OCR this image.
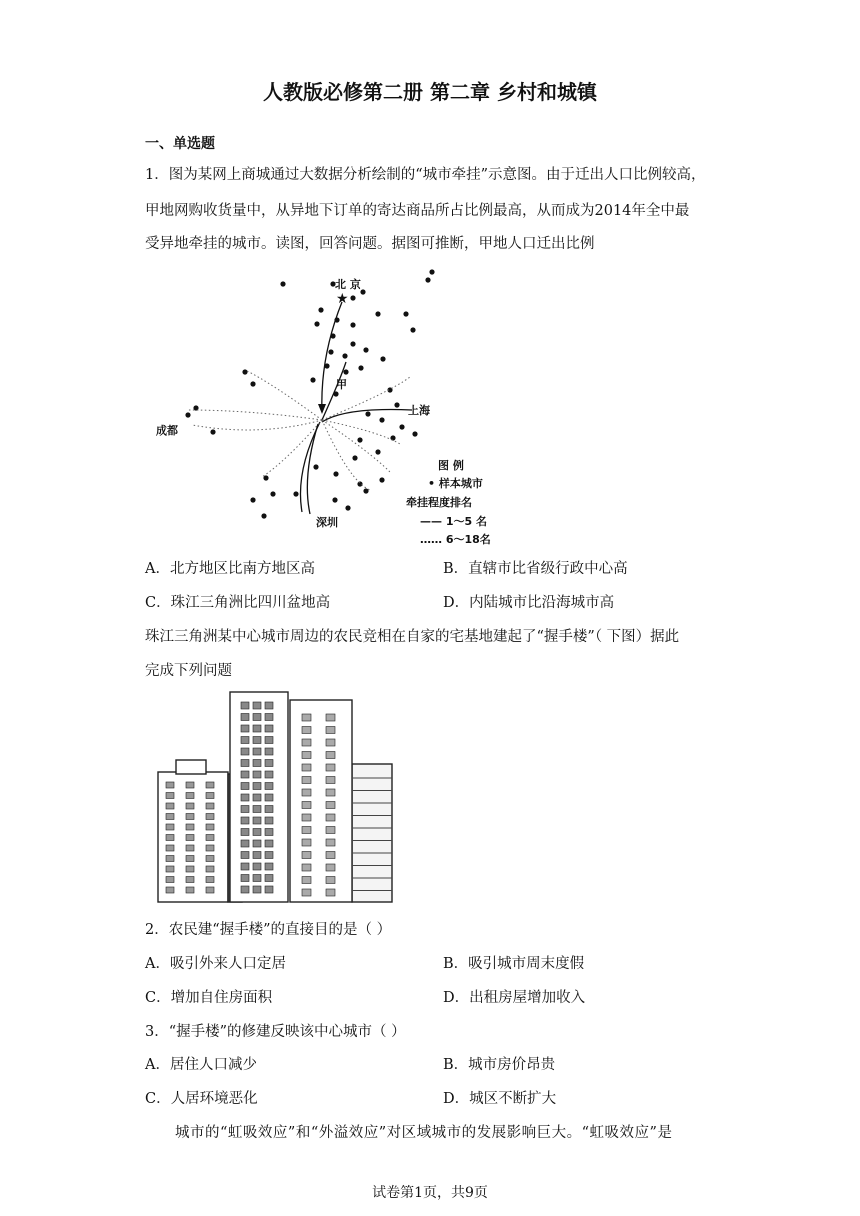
人教版必修第二册 第二章 乡村和城镇
一、单选题
1．图为某网上商城通过大数据分析绘制的“城市牵挂”示意图。由于迁出人口比例较高，
甲地网购收货量中，从异地下订单的寄达商品所占比例最高，从而成为2014年全中最
受异地牵挂的城市。读图，回答问题。据图可推断，甲地人口迁出比例
★
北 京
甲
上海
成都
深圳
图 例
• 样本城市
牵挂程度排名
—— 1～5 名
…… 6～18名
A．北方地区比南方地区高	B．直辖市比省级行政中心高
C．珠江三角洲比四川盆地高	D．内陆城市比沿海城市高
珠江三角洲某中心城市周边的农民竞相在自家的宅基地建起了“握手楼”（ 下图）据此
完成下列问题
2．农民建“握手楼”的直接目的是（ ）
A．吸引外来人口定居	B．吸引城市周末度假
C．增加自住房面积	D．出租房屋增加收入
3．“握手楼”的修建反映该中心城市（ ）
A．居住人口减少	B．城市房价昂贵
C．人居环境恶化	D．城区不断扩大
城市的“虹吸效应”和“外溢效应”对区域城市的发展影响巨大。“虹吸效应”是
试卷第1页，共9页
